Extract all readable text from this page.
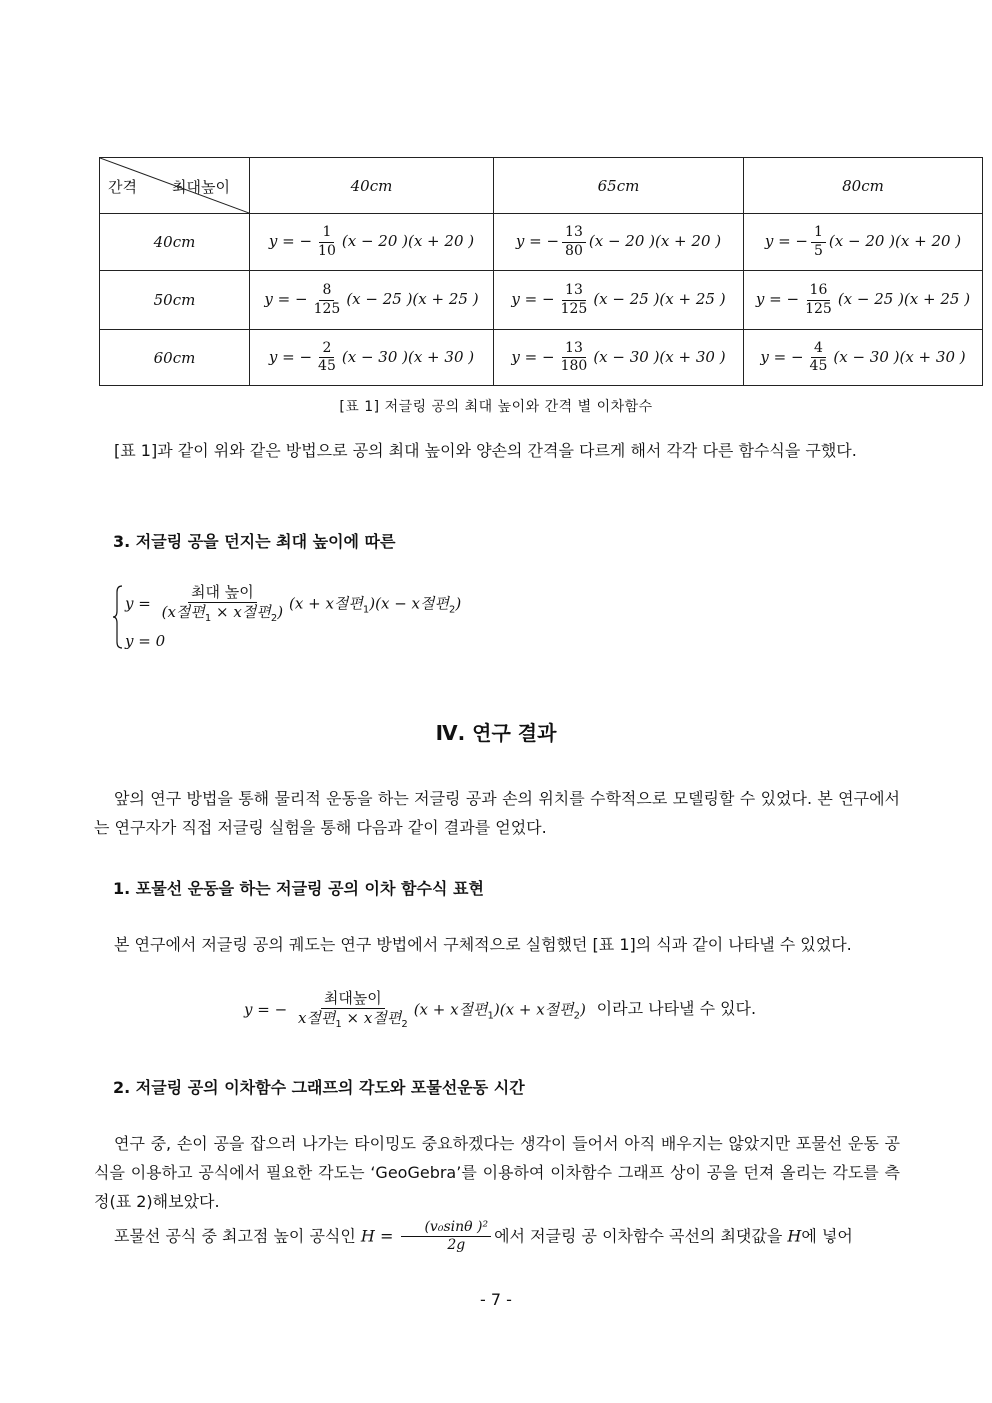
간격 최대높이	40cm	65cm	80cm
40cm	y = − $\frac{1}{10} (x - 20$ )(x + 20 )	y = − $\frac{13}{80} (x - 20$ )(x + 20 )	y = − $\frac{1}{5} (x - 20$ )(x + 20 )
50cm	y = − $\frac{8}{125} (x - 25$ )(x + 25 )	y = − $\frac{13}{125} (x - 25$ )(x + 25 )	y = − $\frac{16}{125} (x - 25$ )(x + 25 )
60cm	y = − $\frac{2}{45} (x - 30$ )(x + 30 )	y = − $\frac{13}{180} (x - 30$ )(x + 30 )	y = − $\frac{4}{45} (x - 30$ )(x + 30 )
[표 1] 저글링 공의 최대 높이와 간격 별 이차함수

[표 1]과 같이 위와 같은 방법으로 공의 최대 높이와 양손의 간격을 다르게 해서 각각 다른 함수식을 구했다.

3. 저글링 공을 던지는 최대 높이에 따른
$y = \frac{\text{최대 높이}}{(x절편_1 \times x절편_2)} (x + x$절편$_1$)(x − x절편$_2$)
y = 0
Ⅳ. 연구 결과

앞의 연구 방법을 통해 물리적 운동을 하는 저글링 공과 손의 위치를 수학적으로 모델링할 수 있었다. 본 연구에서는 연구자가 직접 저글링 실험을 통해 다음과 같이 결과를 얻었다.

1. 포물선 운동을 하는 저글링 공의 이차 함수식 표현

본 연구에서 저글링 공의 궤도는 연구 방법에서 구체적으로 실험했던 [표 1]의 식과 같이 나타낼 수 있었다.

y = − $\frac{\text{최대높이}}{x절편_1 \times x절편_2} (x + x$절편$_1$)(x + x절편$_2$) 이라고 나타낼 수 있다.
2. 저글링 공의 이차함수 그래프의 각도와 포물선운동 시간

연구 중, 손이 공을 잡으러 나가는 타이밍도 중요하겠다는 생각이 들어서 아직 배우지는 않았지만 포물선 운동 공식을 이용하고 공식에서 필요한 각도는 ‘GeoGebra’를 이용하여 이차함수 그래프 상이 공을 던져 올리는 각도를 측정(표 2)해보았다.

포물선 공식 중 최고점 높이 공식인 $H = \frac{\text{(v₀sinθ )²}}{2g}$ 에서 저글링 공 이차함수 곡선의 최댓값을 H에 넣어

- 7 -
